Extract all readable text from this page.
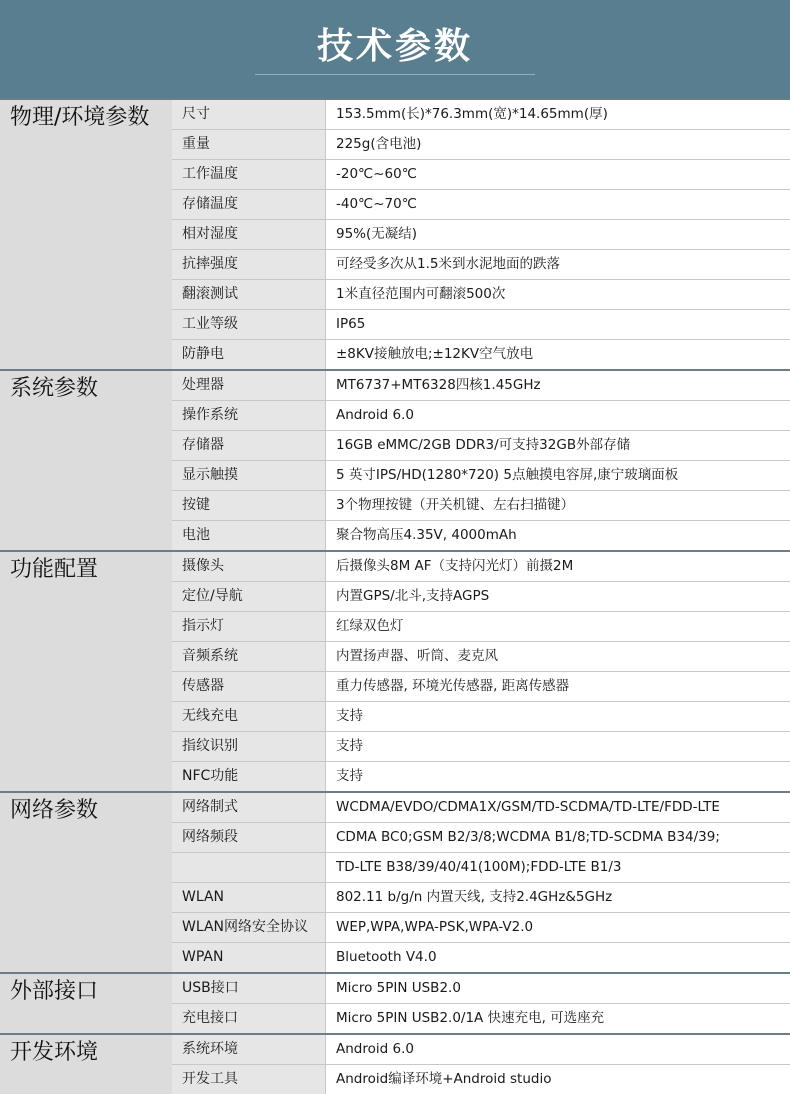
技术参数
物理/环境参数	尺寸	153.5mm(长)*76.3mm(宽)*14.65mm(厚)
重量	225g(含电池)
工作温度	-20℃~60℃
存储温度	-40℃~70℃
相对湿度	95%(无凝结)
抗摔强度	可经受多次从1.5米到水泥地面的跌落
翻滚测试	1米直径范围内可翻滚500次
工业等级	IP65
防静电	±8KV接触放电;±12KV空气放电
系统参数	处理器	MT6737+MT6328四核1.45GHz
操作系统	Android 6.0
存储器	16GB eMMC/2GB DDR3/可支持32GB外部存储
显示触摸	5 英寸IPS/HD(1280*720) 5点触摸电容屏,康宁玻璃面板
按键	3个物理按键（开关机键、左右扫描键）
电池	聚合物高压4.35V, 4000mAh
功能配置	摄像头	后摄像头8M AF（支持闪光灯）前摄2M
定位/导航	内置GPS/北斗,支持AGPS
指示灯	红绿双色灯
音频系统	内置扬声器、听筒、麦克风
传感器	重力传感器, 环境光传感器, 距离传感器
无线充电	支持
指纹识别	支持
NFC功能	支持
网络参数	网络制式	WCDMA/EVDO/CDMA1X/GSM/TD-SCDMA/TD-LTE/FDD-LTE
网络频段	CDMA BC0;GSM B2/3/8;WCDMA B1/8;TD-SCDMA B34/39;
TD-LTE B38/39/40/41(100M);FDD-LTE B1/3
WLAN	802.11 b/g/n 内置天线, 支持2.4GHz&5GHz
WLAN网络安全协议	WEP,WPA,WPA-PSK,WPA-V2.0
WPAN	Bluetooth V4.0
外部接口	USB接口	Micro 5PIN USB2.0
充电接口	Micro 5PIN USB2.0/1A 快速充电, 可选座充
开发环境	系统环境	Android 6.0
开发工具	Android编译环境+Android studio
